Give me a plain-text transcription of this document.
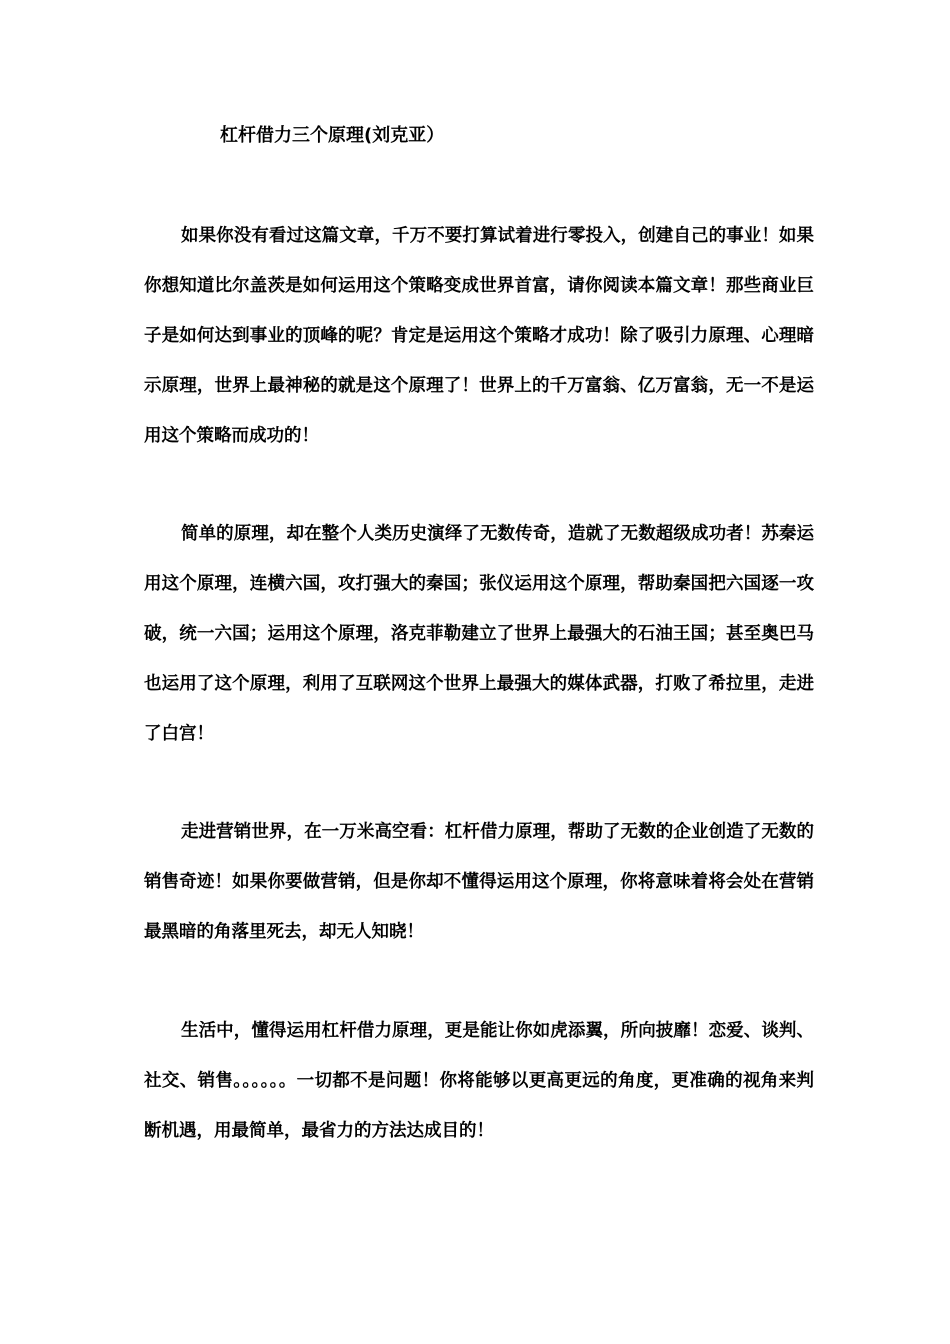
杠杆借力三个原理(刘克亚）

如果你没有看过这篇文章，千万不要打算试着进行零投入，创建自己的事业！如果你想知道比尔盖茨是如何运用这个策略变成世界首富，请你阅读本篇文章！那些商业巨子是如何达到事业的顶峰的呢？肯定是运用这个策略才成功！除了吸引力原理、心理暗示原理，世界上最神秘的就是这个原理了！世界上的千万富翁、亿万富翁，无一不是运用这个策略而成功的！

简单的原理，却在整个人类历史演绎了无数传奇，造就了无数超级成功者！苏秦运用这个原理，连横六国，攻打强大的秦国；张仪运用这个原理，帮助秦国把六国逐一攻破，统一六国；运用这个原理，洛克菲勒建立了世界上最强大的石油王国；甚至奥巴马也运用了这个原理，利用了互联网这个世界上最强大的媒体武器，打败了希拉里，走进了白宫！

走进营销世界，在一万米高空看：杠杆借力原理，帮助了无数的企业创造了无数的销售奇迹！如果你要做营销，但是你却不懂得运用这个原理，你将意味着将会处在营销最黑暗的角落里死去，却无人知晓！

生活中，懂得运用杠杆借力原理，更是能让你如虎添翼，所向披靡！恋爱、谈判、社交、销售。。。。。。一切都不是问题！你将能够以更高更远的角度，更准确的视角来判断机遇，用最简单，最省力的方法达成目的！
